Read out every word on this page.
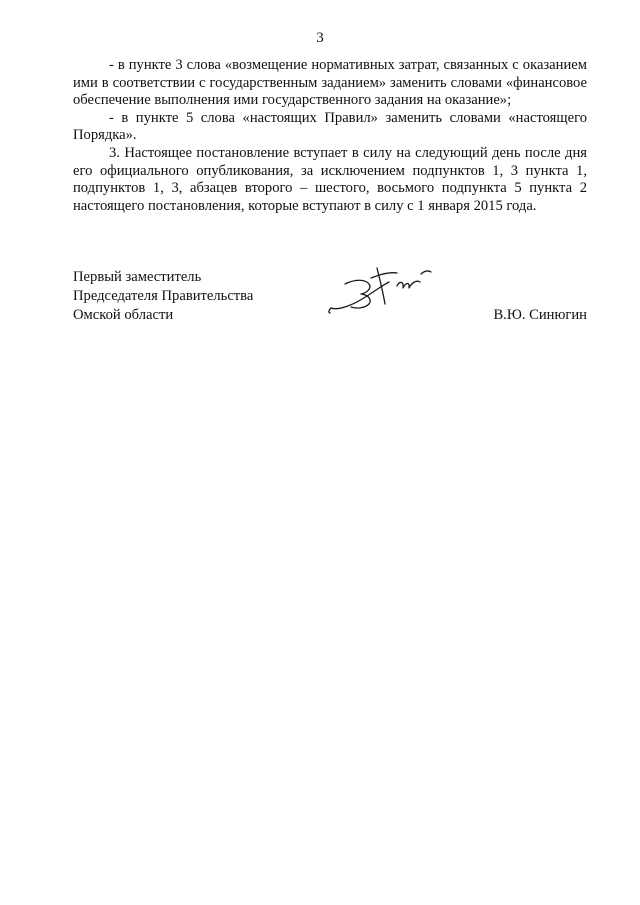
3

- в пункте 3 слова «возмещение нормативных затрат, связанных с оказанием ими в соответствии с государственным заданием» заменить словами «финансовое обеспечение выполнения ими государственного задания на оказание»;

- в пункте 5 слова «настоящих Правил» заменить словами «настоящего Порядка».

3. Настоящее постановление вступает в силу на следующий день после дня его официального опубликования, за исключением подпунктов 1, 3 пункта 1, подпунктов 1, 3, абзацев второго – шестого, восьмого подпункта 5 пункта 2 настоящего постановления, которые вступают в силу с 1 января 2015 года.

Первый заместитель
Председателя Правительства
Омской области	В.Ю. Синюгин
